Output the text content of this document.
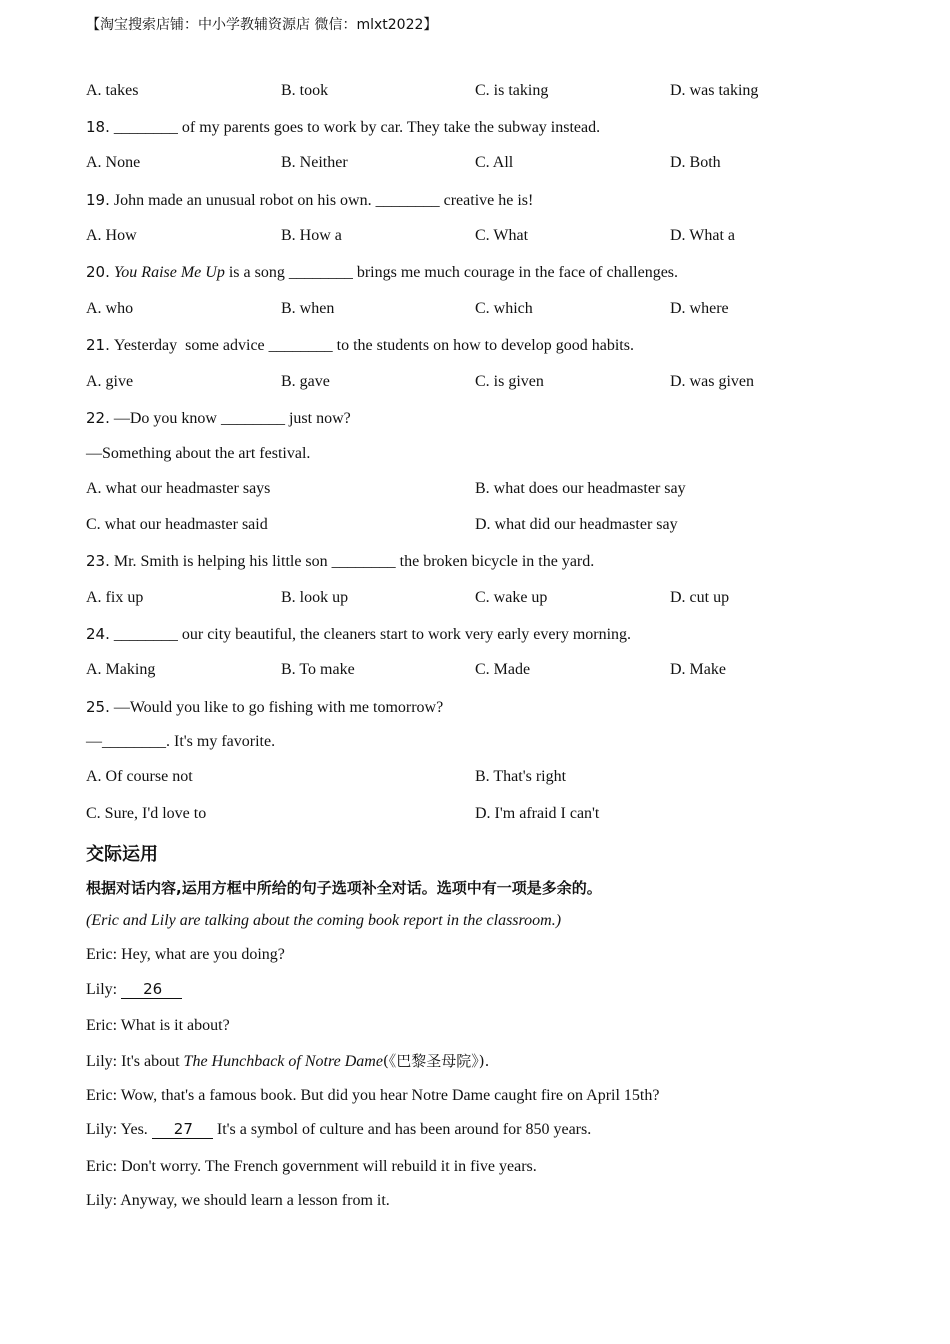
【淘宝搜索店铺：中小学教辅资源店 微信：mlxt2022】
A. takes	B. took	C. is taking	D. was taking
18. ________ of my parents goes to work by car. They take the subway instead.
A. None	B. Neither	C. All	D. Both
19. John made an unusual robot on his own. ________ creative he is!
A. How	B. How a	C. What	D. What a
20. You Raise Me Up is a song ________ brings me much courage in the face of challenges.
A. who	B. when	C. which	D. where
21. Yesterday  some advice ________ to the students on how to develop good habits.
A. give	B. gave	C. is given	D. was given
22. —Do you know ________ just now?
—Something about the art festival.
A. what our headmaster says	B. what does our headmaster say
C. what our headmaster said	D. what did our headmaster say
23. Mr. Smith is helping his little son ________ the broken bicycle in the yard.
A. fix up	B. look up	C. wake up	D. cut up
24. ________ our city beautiful, the cleaners start to work very early every morning.
A. Making	B. To make	C. Made	D. Make
25. —Would you like to go fishing with me tomorrow?
—________. It's my favorite.
A. Of course not	B. That's right
C. Sure, I'd love to	D. I'm afraid I can't
交际运用
根据对话内容,运用方框中所给的句子选项补全对话。选项中有一项是多余的。
(Eric and Lily are talking about the coming book report in the classroom.)
Eric: Hey, what are you doing?
Lily: 26
Eric: What is it about?
Lily: It's about The Hunchback of Notre Dame(《巴黎圣母院》).
Eric: Wow, that's a famous book. But did you hear Notre Dame caught fire on April 15th?
Lily: Yes. 27 It's a symbol of culture and has been around for 850 years.
Eric: Don't worry. The French government will rebuild it in five years.
Lily: Anyway, we should learn a lesson from it.
